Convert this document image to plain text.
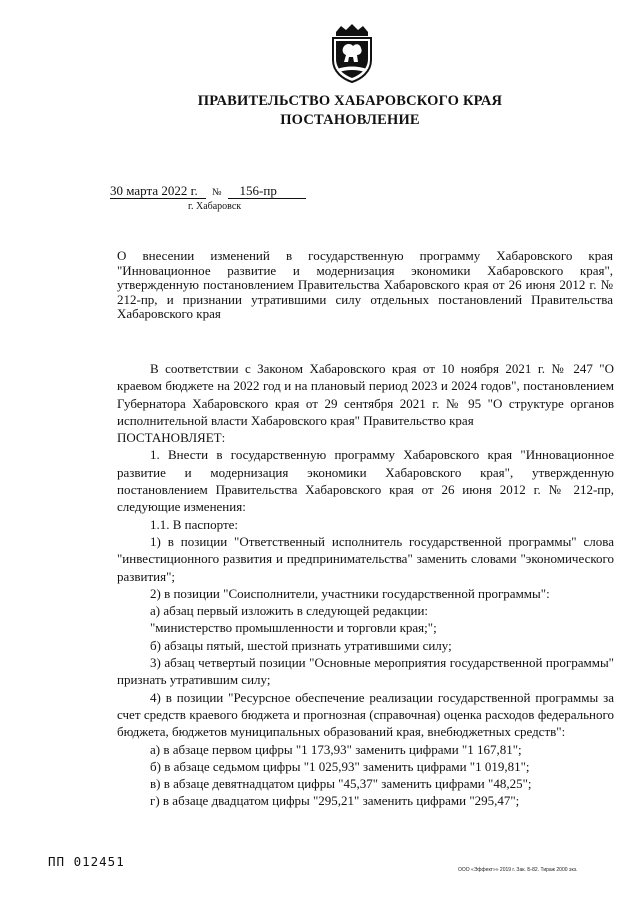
ПРАВИТЕЛЬСТВО ХАБАРОВСКОГО КРАЯ
ПОСТАНОВЛЕНИЕ
30 марта 2022 г. № 156-пр
г. Хабаровск
О внесении изменений в государственную программу Хабаровского края "Инновационное развитие и модернизация экономики Хабаровского края", утвержденную постановлением Правительства Хабаровского края от 26 июня 2012 г. № 212-пр, и признании утратившими силу отдельных постановлений Правительства Хабаровского края

В соответствии с Законом Хабаровского края от 10 ноября 2021 г. № 247 "О краевом бюджете на 2022 год и на плановый период 2023 и 2024 годов", постановлением Губернатора Хабаровского края от 29 сентября 2021 г. № 95 "О структуре органов исполнительной власти Хабаровского края" Правительство края

ПОСТАНОВЛЯЕТ:

1. Внести в государственную программу Хабаровского края "Инновационное развитие и модернизация экономики Хабаровского края", утвержденную постановлением Правительства Хабаровского края от 26 июня 2012 г. № 212-пр, следующие изменения:

1.1. В паспорте:

1) в позиции "Ответственный исполнитель государственной программы" слова "инвестиционного развития и предпринимательства" заменить словами "экономического развития";

2) в позиции "Соисполнители, участники государственной программы":

а) абзац первый изложить в следующей редакции:

"министерство промышленности и торговли края;";

б) абзацы пятый, шестой признать утратившими силу;

3) абзац четвертый позиции "Основные мероприятия государственной программы" признать утратившим силу;

4) в позиции "Ресурсное обеспечение реализации государственной программы за счет средств краевого бюджета и прогнозная (справочная) оценка расходов федерального бюджета, бюджетов муниципальных образований края, внебюджетных средств":

а) в абзаце первом цифры "1 173,93" заменить цифрами "1 167,81";

б) в абзаце седьмом цифры "1 025,93" заменить цифрами "1 019,81";

в) в абзаце девятнадцатом цифры "45,37" заменить цифрами "48,25";

г) в абзаце двадцатом цифры "295,21" заменить цифрами "295,47";

ПП 012451
ООО «Эффект»» 2019 г. Зак. Б-82. Тираж 2000 экз.
